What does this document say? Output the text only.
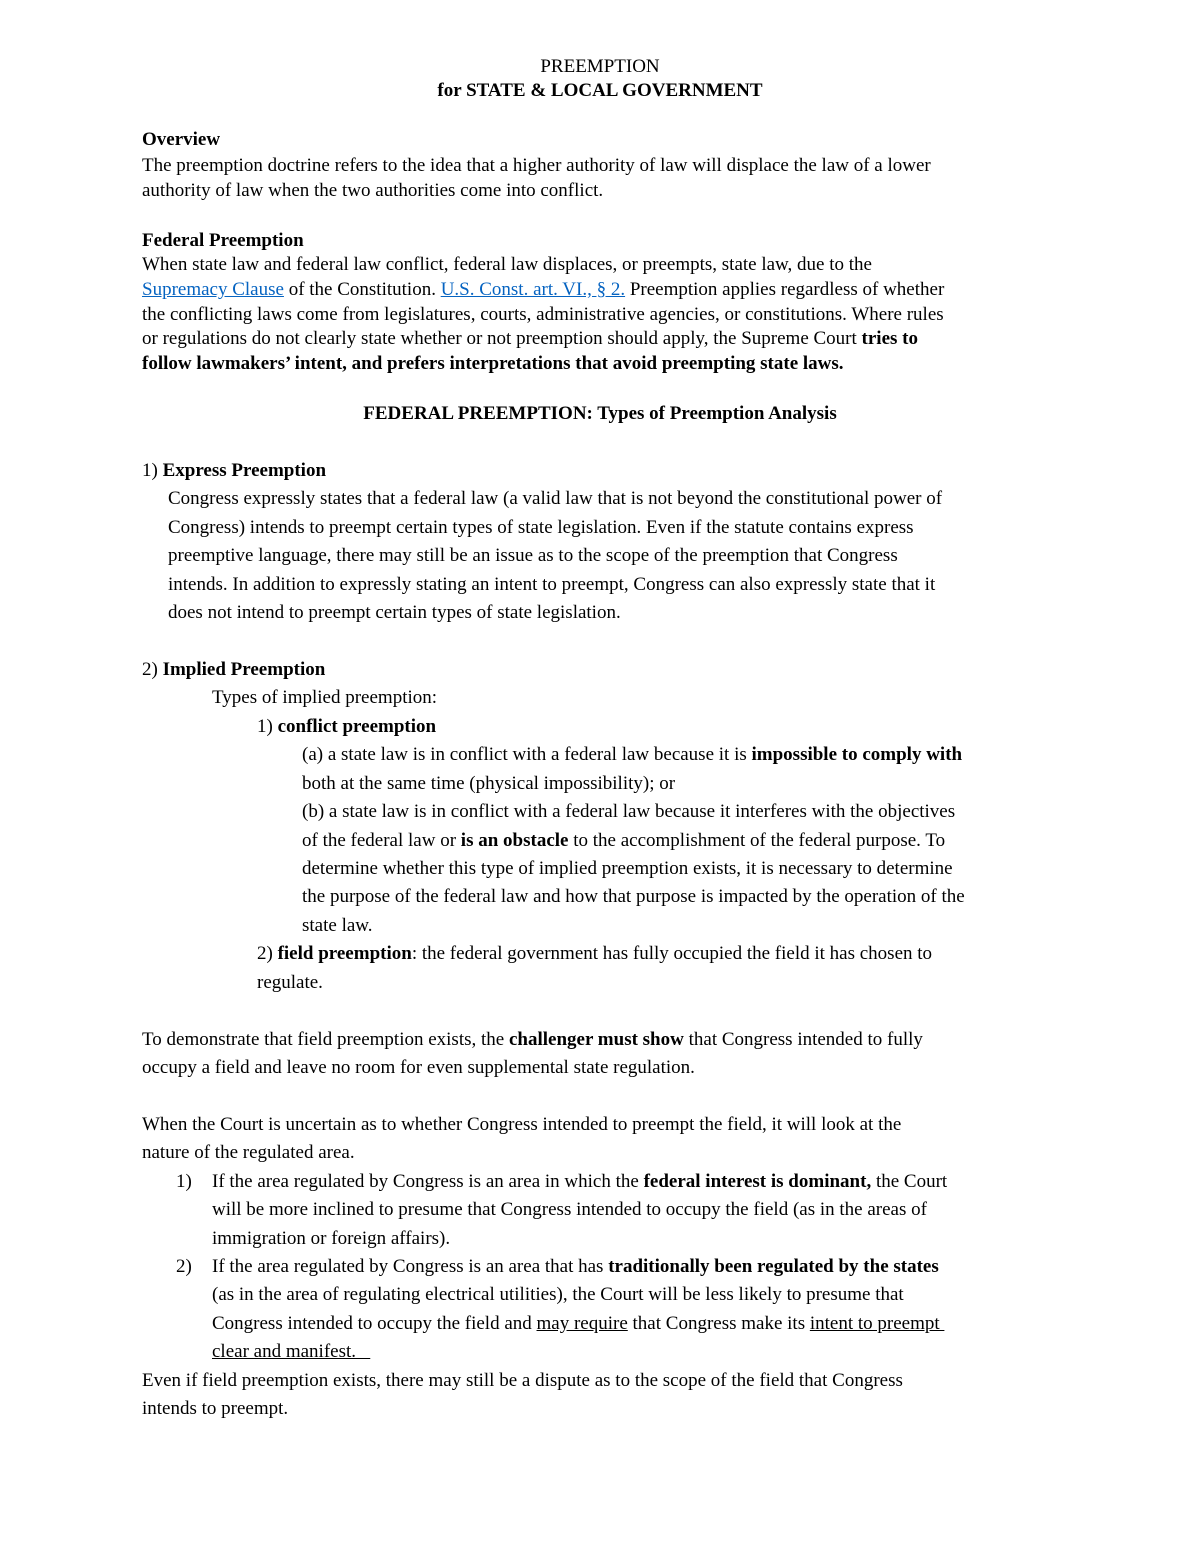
PREEMPTION
for STATE & LOCAL GOVERNMENT
Overview
The preemption doctrine refers to the idea that a higher authority of law will displace the law of a lower
authority of law when the two authorities come into conflict.
Federal Preemption
When state law and federal law conflict, federal law displaces, or preempts, state law, due to the
Supremacy Clause of the Constitution. U.S. Const. art. VI., § 2. Preemption applies regardless of whether
the conflicting laws come from legislatures, courts, administrative agencies, or constitutions. Where rules
or regulations do not clearly state whether or not preemption should apply, the Supreme Court tries to
follow lawmakers’ intent, and prefers interpretations that avoid preempting state laws.
FEDERAL PREEMPTION: Types of Preemption Analysis
1) Express Preemption
Congress expressly states that a federal law (a valid law that is not beyond the constitutional power of
Congress) intends to preempt certain types of state legislation. Even if the statute contains express
preemptive language, there may still be an issue as to the scope of the preemption that Congress
intends. In addition to expressly stating an intent to preempt, Congress can also expressly state that it
does not intend to preempt certain types of state legislation.
2) Implied Preemption
Types of implied preemption:
1) conflict preemption
(a) a state law is in conflict with a federal law because it is impossible to comply with
both at the same time (physical impossibility); or
(b) a state law is in conflict with a federal law because it interferes with the objectives
of the federal law or is an obstacle to the accomplishment of the federal purpose. To
determine whether this type of implied preemption exists, it is necessary to determine
the purpose of the federal law and how that purpose is impacted by the operation of the
state law.
2) field preemption: the federal government has fully occupied the field it has chosen to
regulate.
To demonstrate that field preemption exists, the challenger must show that Congress intended to fully
occupy a field and leave no room for even supplemental state regulation.
When the Court is uncertain as to whether Congress intended to preempt the field, it will look at the
nature of the regulated area.
1) If the area regulated by Congress is an area in which the federal interest is dominant, the Court
will be more inclined to presume that Congress intended to occupy the field (as in the areas of
immigration or foreign affairs).
2) If the area regulated by Congress is an area that has traditionally been regulated by the states
(as in the area of regulating electrical utilities), the Court will be less likely to presume that
Congress intended to occupy the field and may require that Congress make its intent to preempt
clear and manifest.
Even if field preemption exists, there may still be a dispute as to the scope of the field that Congress
intends to preempt.
